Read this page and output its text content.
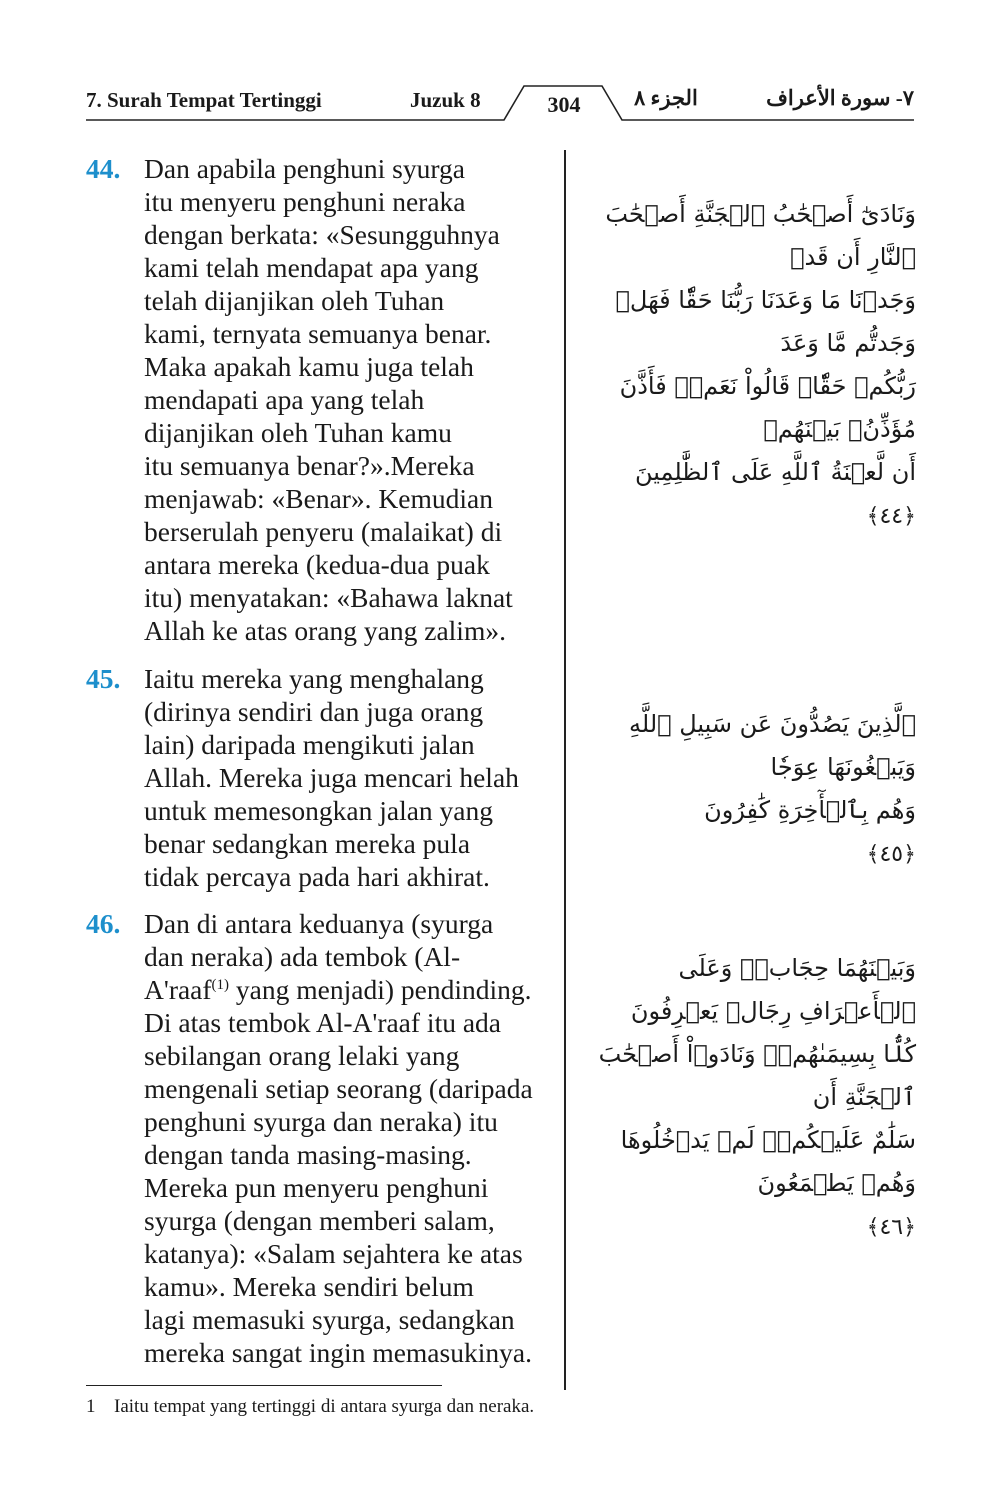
7. Surah Tempat Tertinggi	Juzuk 8	304	الجزء ٨	٧- سورة الأعراف
44. Dan apabila penghuni syurga
itu menyeru penghuni neraka
dengan berkata: «Sesungguhnya
kami telah mendapat apa yang
telah dijanjikan oleh Tuhan
kami, ternyata semuanya benar.
Maka apakah kamu juga telah
mendapati apa yang telah
dijanjikan oleh Tuhan kamu
itu semuanya benar?».Mereka
menjawab: «Benar». Kemudian
berserulah penyeru (malaikat) di
antara mereka (kedua-dua puak
itu) menyatakan: «Bahawa laknat
Allah ke atas orang yang zalim».

وَنَادَىٰٓ أَصۡحَٰبُ ٱلۡجَنَّةِ أَصۡحَٰبَ ٱلنَّارِ أَن قَدۡ
وَجَدۡنَا مَا وَعَدَنَا رَبُّنَا حَقّٗا فَهَلۡ وَجَدتُّم مَّا وَعَدَ
رَبُّكُمۡ حَقّٗاۖ قَالُواْ نَعَمۡۚ فَأَذَّنَ مُؤَذِّنُۢ بَيۡنَهُمۡ
أَن لَّعۡنَةُ ٱللَّهِ عَلَى ٱلظَّٰلِمِينَ
﴿٤٤﴾

45. Iaitu mereka yang menghalang
(dirinya sendiri dan juga orang
lain) daripada mengikuti jalan
Allah. Mereka juga mencari helah
untuk memesongkan jalan yang
benar sedangkan mereka pula
tidak percaya pada hari akhirat.

ٱلَّذِينَ يَصُدُّونَ عَن سَبِيلِ ٱللَّهِ وَيَبۡغُونَهَا عِوَجٗا
وَهُم بِٱلۡأٓخِرَةِ كَٰفِرُونَ
﴿٤٥﴾

46. Dan di antara keduanya (syurga
dan neraka) ada tembok (Al-
A'raaf$^{(1)}$ yang menjadi) pendinding.
Di atas tembok Al-A'raaf itu ada
sebilangan orang lelaki yang
mengenali setiap seorang (daripada
penghuni syurga dan neraka) itu
dengan tanda masing-masing.
Mereka pun menyeru penghuni
syurga (dengan memberi salam,
katanya): «Salam sejahtera ke atas
kamu». Mereka sendiri belum
lagi memasuki syurga, sedangkan
mereka sangat ingin memasukinya.

وَبَيۡنَهُمَا حِجَابٞۚ وَعَلَى ٱلۡأَعۡرَافِ رِجَالٞ يَعۡرِفُونَ
كُلَّۢا بِسِيمَىٰهُمۡۚ وَنَادَوۡاْ أَصۡحَٰبَ ٱلۡجَنَّةِ أَن
سَلَٰمٌ عَلَيۡكُمۡۚ لَمۡ يَدۡخُلُوهَا وَهُمۡ يَطۡمَعُونَ
﴿٤٦﴾

1 Iaitu tempat yang tertinggi di antara syurga dan neraka.
